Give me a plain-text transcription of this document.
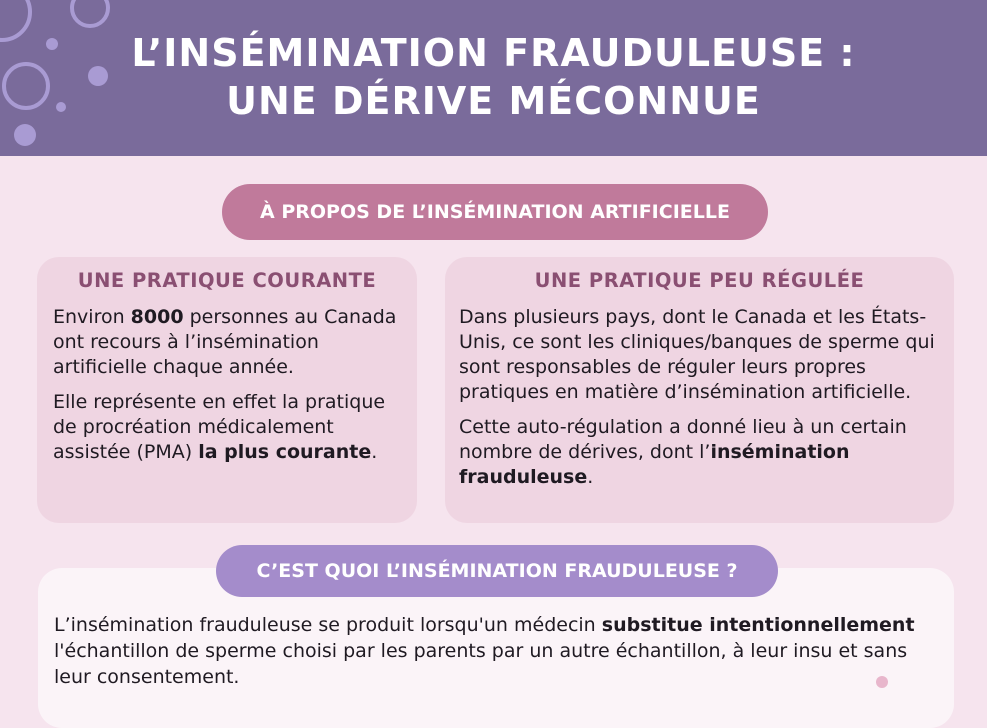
L’INSÉMINATION FRAUDULEUSE :
UNE DÉRIVE MÉCONNUE
À PROPOS DE L’INSÉMINATION ARTIFICIELLE
UNE PRATIQUE COURANTE

Environ 8000 personnes au Canada ont recours à l’insémination artificielle chaque année.

Elle représente en effet la pratique de procréation médicalement assistée (PMA) la plus courante.

UNE PRATIQUE PEU RÉGULÉE

Dans plusieurs pays, dont le Canada et les États-Unis, ce sont les cliniques/banques de sperme qui sont responsables de réguler leurs propres pratiques en matière d’insémination artificielle.

Cette auto-régulation a donné lieu à un certain nombre de dérives, dont l’insémination frauduleuse.

C’EST QUOI L’INSÉMINATION FRAUDULEUSE ?

L’insémination frauduleuse se produit lorsqu'un médecin substitue intentionnellement l'échantillon de sperme choisi par les parents par un autre échantillon, à leur insu et sans leur consentement.
